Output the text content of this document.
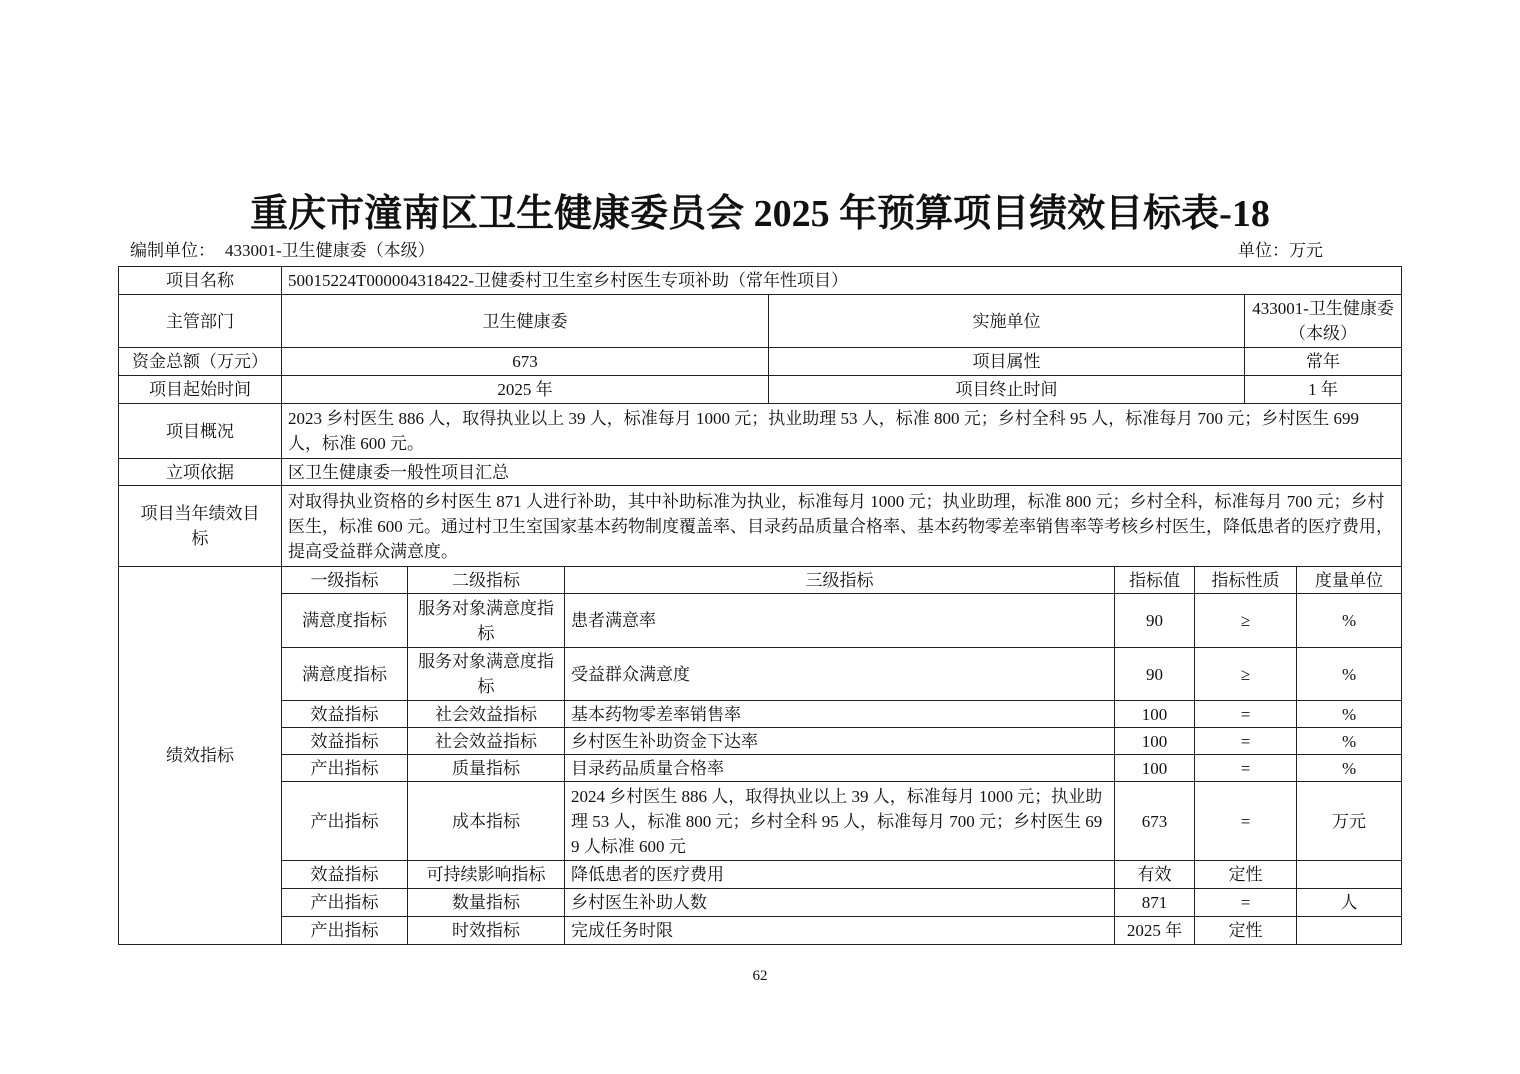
重庆市潼南区卫生健康委员会 2025 年预算项目绩效目标表-18
编制单位： 433001-卫生健康委（本级）	单位：万元
项目名称	50015224T000004318422-卫健委村卫生室乡村医生专项补助（常年性项目）							
主管部门	卫生健康委			实施单位			433001-卫生健康委（本级）	
资金总额（万元）	673			项目属性			常年	
项目起始时间	2025 年			项目终止时间			1 年	
项目概况	2023 乡村医生 886 人，取得执业以上 39 人，标准每月 1000 元；执业助理 53 人，标准 800 元；乡村全科 95 人，标准每月 700 元；乡村医生 699 人，标准 600 元。							
立项依据	区卫生健康委一般性项目汇总							
项目当年绩效目标	对取得执业资格的乡村医生 871 人进行补助，其中补助标准为执业，标准每月 1000 元；执业助理，标准 800 元；乡村全科，标准每月 700 元；乡村医生，标准 600 元。通过村卫生室国家基本药物制度覆盖率、目录药品质量合格率、基本药物零差率销售率等考核乡村医生，降低患者的医疗费用，提高受益群众满意度。							
绩效指标	一级指标	二级指标	三级指标		指标值	指标性质		度量单位
	满意度指标	服务对象满意度指标	患者满意率		90	≥		%
	满意度指标	服务对象满意度指标	受益群众满意度		90	≥		%
	效益指标	社会效益指标	基本药物零差率销售率		100	=		%
	效益指标	社会效益指标	乡村医生补助资金下达率		100	=		%
	产出指标	质量指标	目录药品质量合格率		100	=		%
	产出指标	成本指标	2024 乡村医生 886 人，取得执业以上 39 人，标准每月 1000 元；执业助理 53 人，标准 800 元；乡村全科 95 人，标准每月 700 元；乡村医生 699 人标准 600 元		673	=		万元
	效益指标	可持续影响指标	降低患者的医疗费用		有效	定性		
	产出指标	数量指标	乡村医生补助人数		871	=		人
	产出指标	时效指标	完成任务时限		2025 年	定性		
62
